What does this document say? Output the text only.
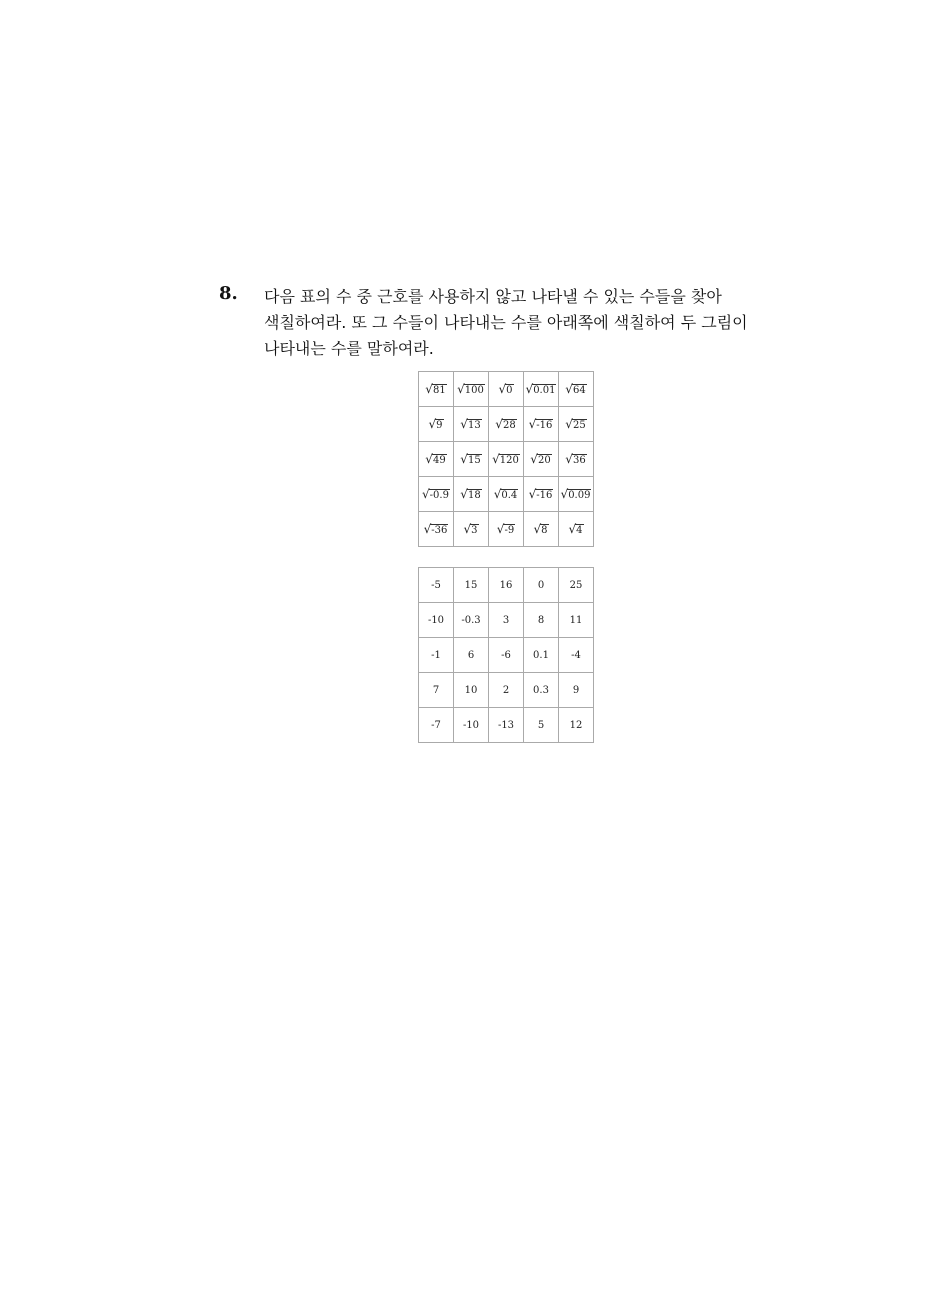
8. 다음 표의 수 중 근호를 사용하지 않고 나타낼 수 있는 수들을 찾아
색칠하여라. 또 그 수들이 나타내는 수를 아래쪽에 색칠하여 두 그림이
나타내는 수를 말하여라.
√81	√100	√0	√0.01	√64
√9	√13	√28	√-16	√25
√49	√15	√120	√20	√36
√-0.9	√18	√0.4	√-16	√0.09
√-36	√3	√-9	√8	√4
-5	15	16	0	25
-10	-0.3	3	8	11
-1	6	-6	0.1	-4
7	10	2	0.3	9
-7	-10	-13	5	12
